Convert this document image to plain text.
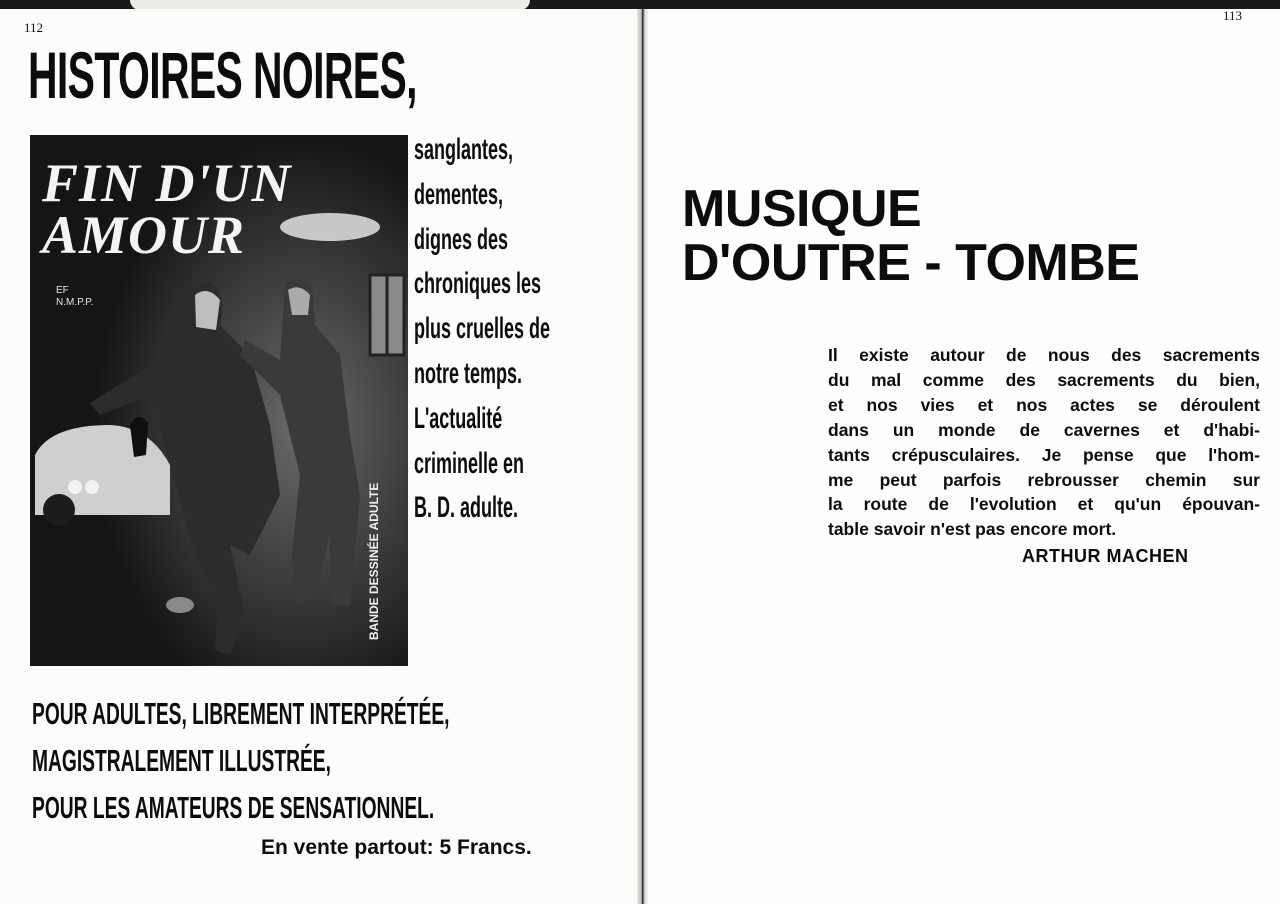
112
113
HISTOIRES NOIRES,
FIN D'UN
AMOUR
EF
N.M.P.P.
BANDE DESSINÉE ADULTE
sanglantes,
dementes,
dignes des
chroniques les
plus cruelles de
notre temps.
L'actualité
criminelle en
B. D. adulte.
POUR ADULTES, LIBREMENT INTERPRÉTÉE,
MAGISTRALEMENT ILLUSTRÉE,
POUR LES AMATEURS DE SENSATIONNEL.
En vente partout: 5 Francs.
MUSIQUE
D'OUTRE - TOMBE
Il existe autour de nous des sacrements
du mal comme des sacrements du bien,
et nos vies et nos actes se déroulent
dans un monde de cavernes et d'habi-
tants crépusculaires. Je pense que l'hom-
me peut parfois rebrousser chemin sur
la route de l'evolution et qu'un épouvan-
table savoir n'est pas encore mort.
ARTHUR MACHEN
